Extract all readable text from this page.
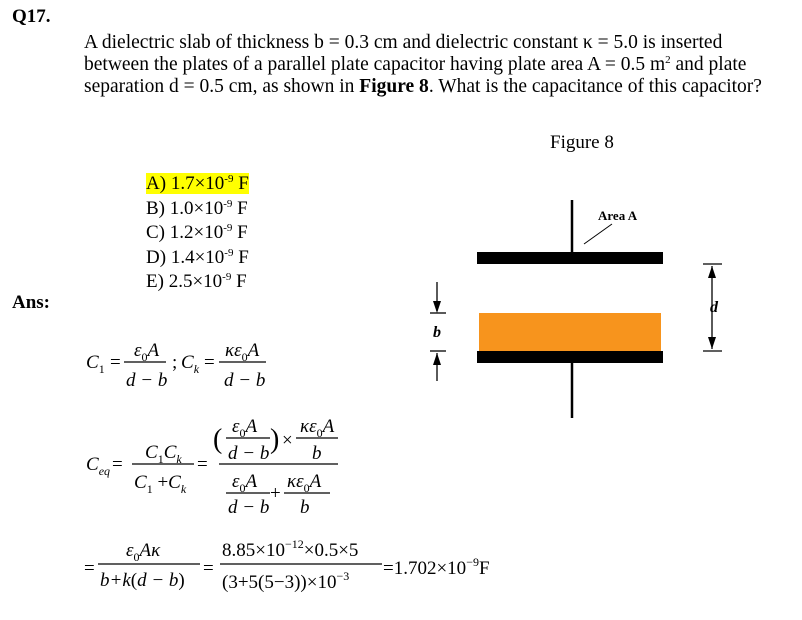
Q17.
A dielectric slab of thickness b = 0.3 cm and dielectric constant κ = 5.0 is inserted between the plates of a parallel plate capacitor having plate area A = 0.5 $m^2$ and plate separation d = 0.5 cm, as shown in Figure 8. What is the capacitance of this capacitor?
Figure 8
A) $1.7\times 10^{-9}$ F
B) $1.0\times 10^{-9}$ F
C) $1.2\times 10^{-9}$ F
D) $1.4\times 10^{-9}$ F
E) $2.5\times 10^{-9}$ F
Ans:
Area A
d
b
$C_1$ =
$\varepsilon_0A$
d − b
; $C_k$ =
$\kappa\varepsilon_0A$
d − b
$C_{eq}$ =
$C_1C_k$
$C_1 +C_k$
=
( $\varepsilon_0A$
d − b ) ×
$\kappa\varepsilon_0A$
b
$\varepsilon_0A$
d − b
+
$\kappa\varepsilon_0A$
b
=
$\varepsilon_0A\kappa$
b+k(d − b)
=
$8.85\times 10^{-12}\times 0.5\times 5$
$(3+5(5-3))\times 10^{-3} =1.702\times 10^{-9}F$
